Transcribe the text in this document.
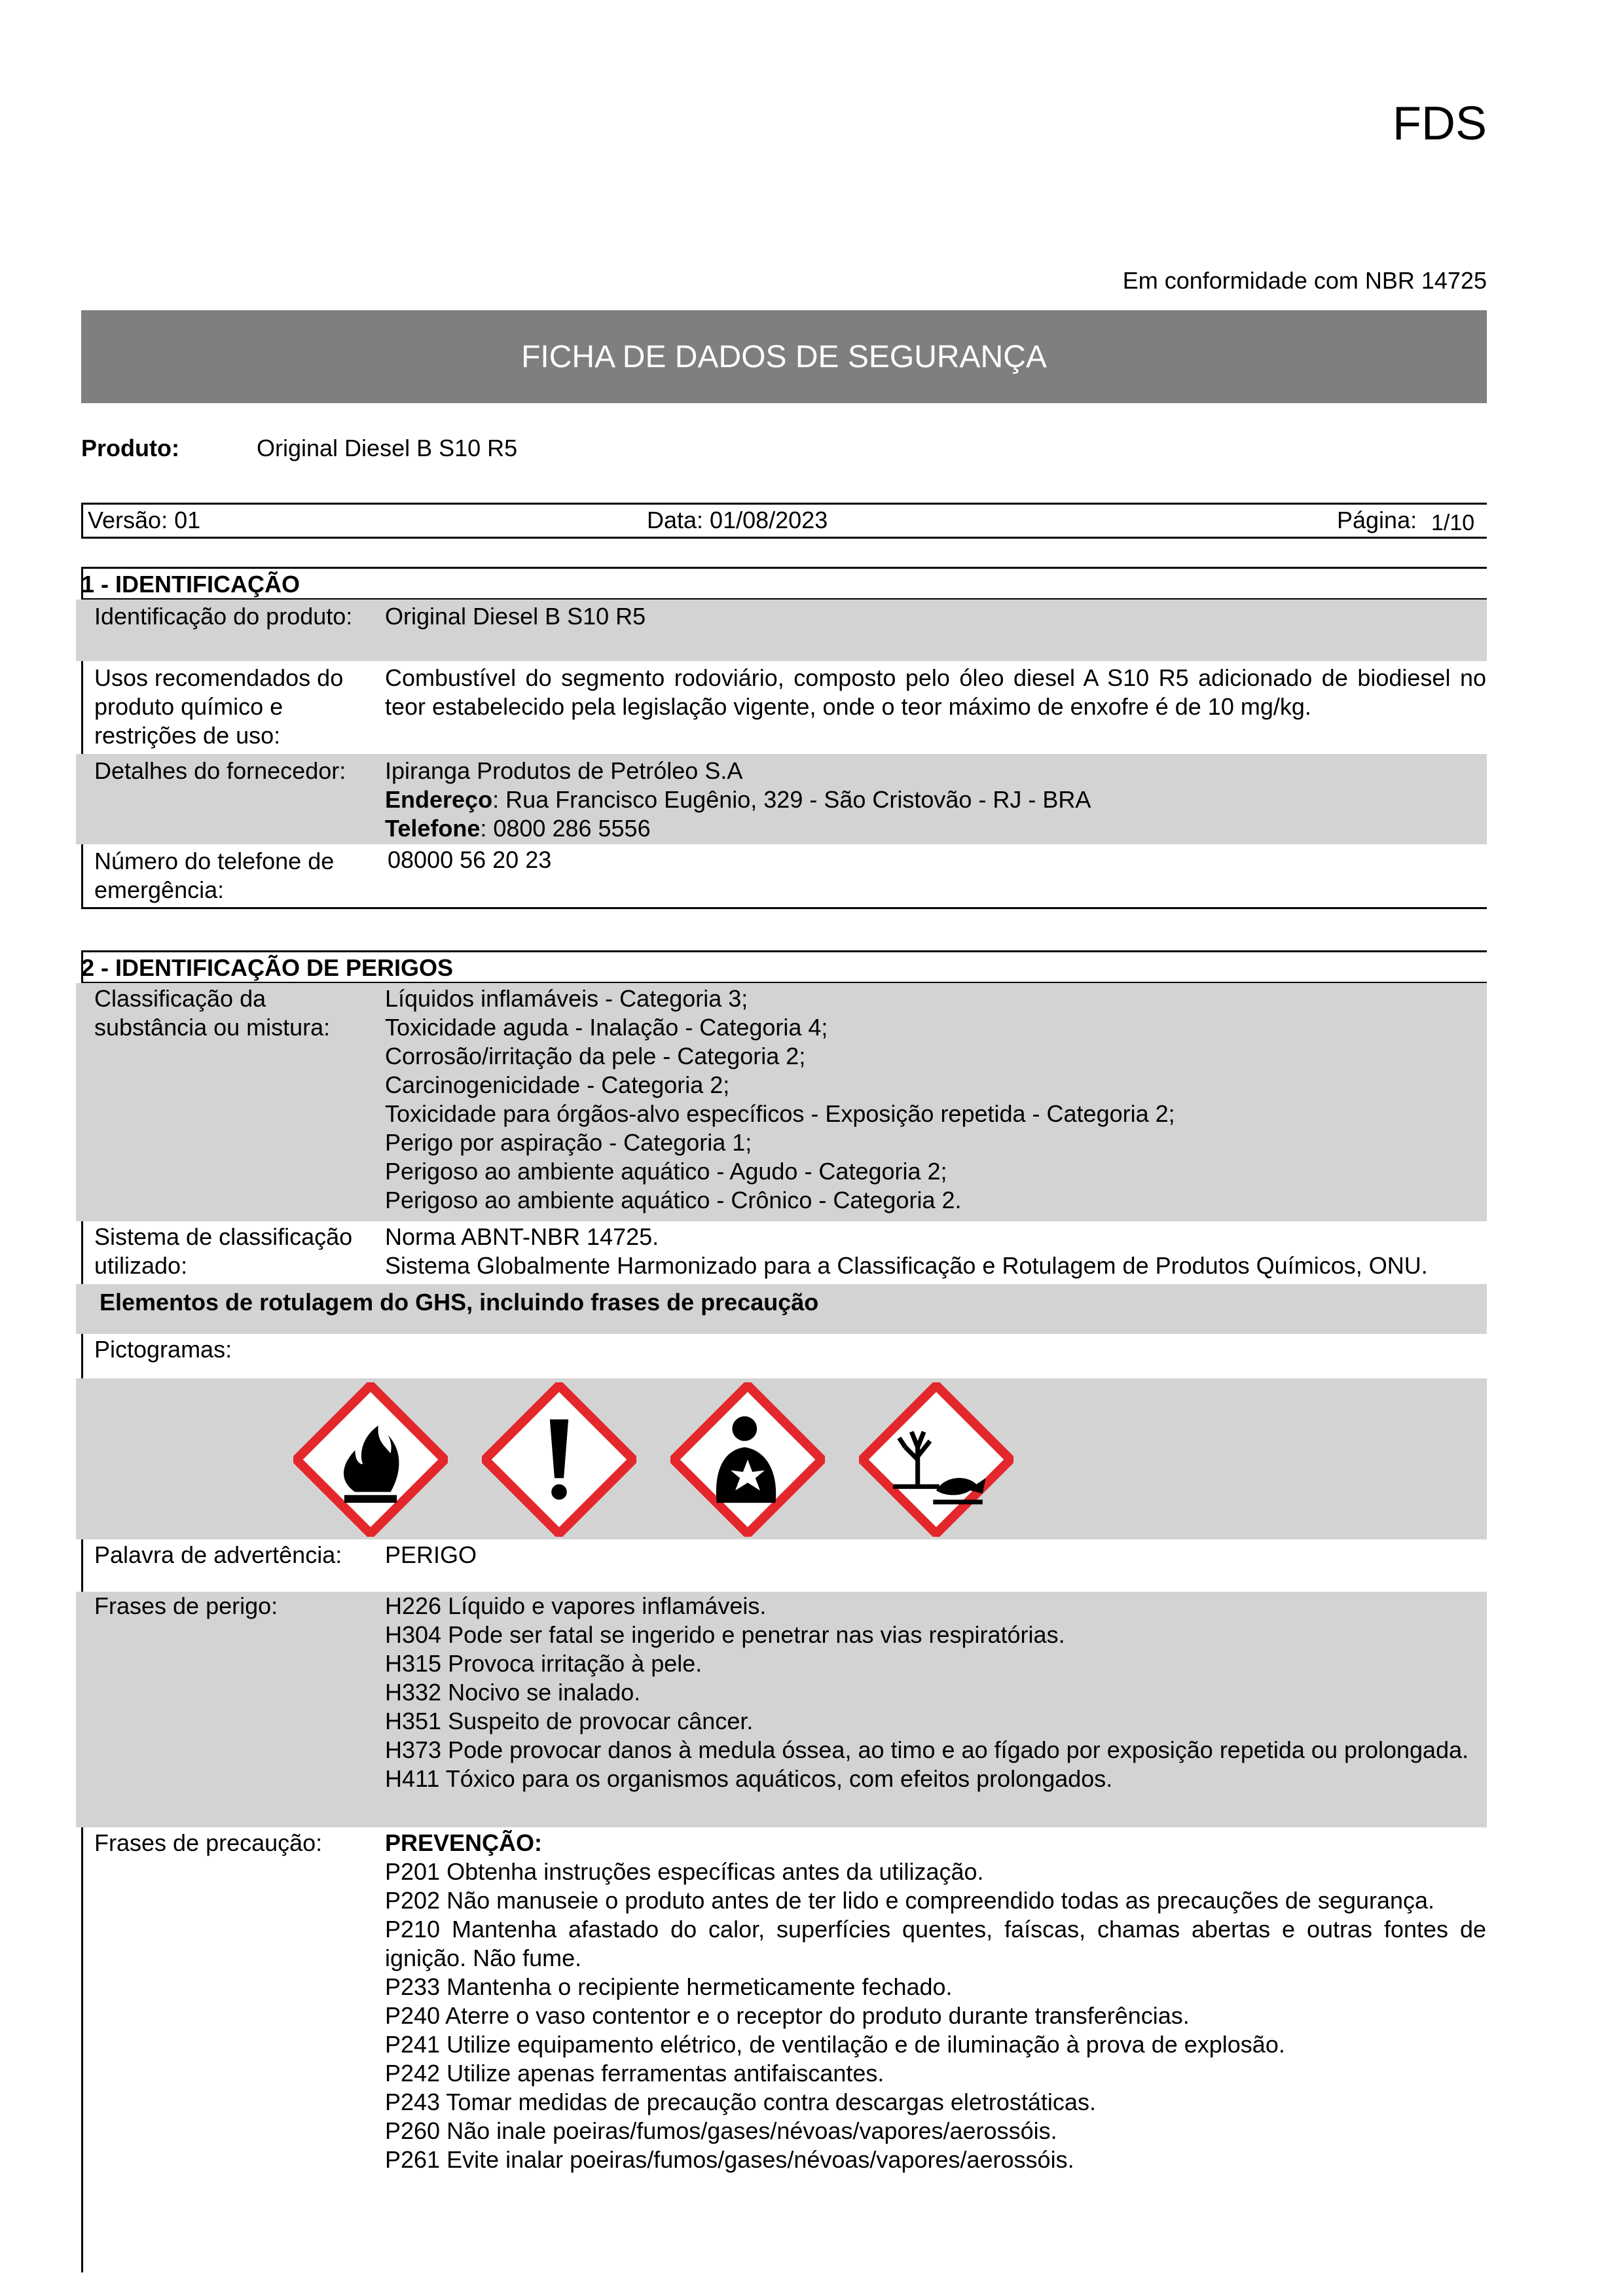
FDS
Em conformidade com NBR 14725
FICHA DE DADOS DE SEGURANÇA
Produto:	Original Diesel B S10 R5
Versão: 01	Data: 01/08/2023	Página: 1/10
1 - IDENTIFICAÇÃO
Identificação do produto:	Original Diesel B S10 R5
Usos recomendados do produto químico e restrições de uso:
Combustível do segmento rodoviário, composto pelo óleo diesel A S10 R5 adicionado de biodiesel no teor estabelecido pela legislação vigente, onde o teor máximo de enxofre é de 10 mg/kg.
Detalhes do fornecedor:	Ipiranga Produtos de Petróleo S.A
Endereço: Rua Francisco Eugênio, 329 - São Cristovão - RJ - BRA
Telefone: 0800 286 5556
Número do telefone de emergência:
08000 56 20 23
2 - IDENTIFICAÇÃO DE PERIGOS
Classificação da substância ou mistura:
Líquidos inflamáveis - Categoria 3;
Toxicidade aguda - Inalação - Categoria 4;
Corrosão/irritação da pele - Categoria 2;
Carcinogenicidade - Categoria 2;
Toxicidade para órgãos-alvo específicos - Exposição repetida - Categoria 2;
Perigo por aspiração - Categoria 1;
Perigoso ao ambiente aquático - Agudo - Categoria 2;
Perigoso ao ambiente aquático - Crônico - Categoria 2.
Sistema de classificação utilizado:
Norma ABNT-NBR 14725.
Sistema Globalmente Harmonizado para a Classificação e Rotulagem de Produtos Químicos, ONU.
Elementos de rotulagem do GHS, incluindo frases de precaução
Pictogramas:
Palavra de advertência:	PERIGO
Frases de perigo:	H226 Líquido e vapores inflamáveis.
H304 Pode ser fatal se ingerido e penetrar nas vias respiratórias.
H315 Provoca irritação à pele.
H332 Nocivo se inalado.
H351 Suspeito de provocar câncer.
H373 Pode provocar danos à medula óssea, ao timo e ao fígado por exposição repetida ou prolongada.
H411 Tóxico para os organismos aquáticos, com efeitos prolongados.
Frases de precaução:	PREVENÇÃO:
P201 Obtenha instruções específicas antes da utilização.
P202 Não manuseie o produto antes de ter lido e compreendido todas as precauções de segurança.
P210 Mantenha afastado do calor, superfícies quentes, faíscas, chamas abertas e outras fontes de ignição. Não fume.
P233 Mantenha o recipiente hermeticamente fechado.
P240 Aterre o vaso contentor e o receptor do produto durante transferências.
P241 Utilize equipamento elétrico, de ventilação e de iluminação à prova de explosão.
P242 Utilize apenas ferramentas antifaiscantes.
P243 Tomar medidas de precaução contra descargas eletrostáticas.
P260 Não inale poeiras/fumos/gases/névoas/vapores/aerossóis.
P261 Evite inalar poeiras/fumos/gases/névoas/vapores/aerossóis.
